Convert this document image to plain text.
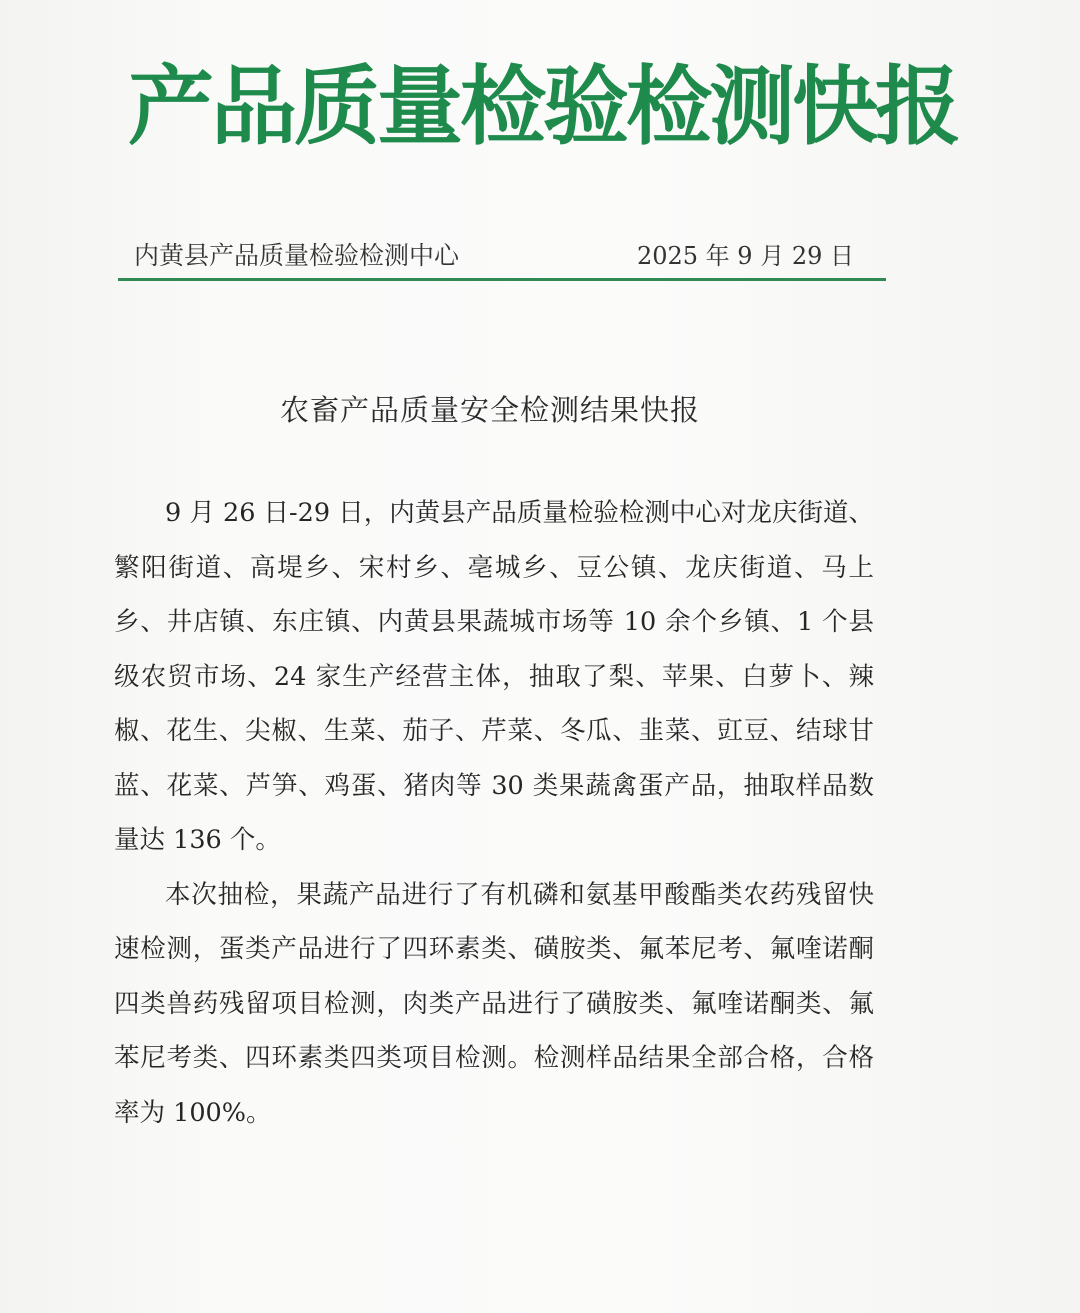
产品质量检验检测快报
内黄县产品质量检验检测中心	2025 年 9 月 29 日
农畜产品质量安全检测结果快报

9 月 26 日-29 日，内黄县产品质量检验检测中心对龙庆街道、繁阳街道、高堤乡、宋村乡、亳城乡、豆公镇、龙庆街道、马上乡、井店镇、东庄镇、内黄县果蔬城市场等 10 余个乡镇、1 个县级农贸市场、24 家生产经营主体，抽取了梨、苹果、白萝卜、辣椒、花生、尖椒、生菜、茄子、芹菜、冬瓜、韭菜、豇豆、结球甘蓝、花菜、芦笋、鸡蛋、猪肉等 30 类果蔬禽蛋产品，抽取样品数量达 136 个。

本次抽检，果蔬产品进行了有机磷和氨基甲酸酯类农药残留快速检测，蛋类产品进行了四环素类、磺胺类、氟苯尼考、氟喹诺酮四类兽药残留项目检测，肉类产品进行了磺胺类、氟喹诺酮类、氟苯尼考类、四环素类四类项目检测。检测样品结果全部合格，合格率为 100%。
